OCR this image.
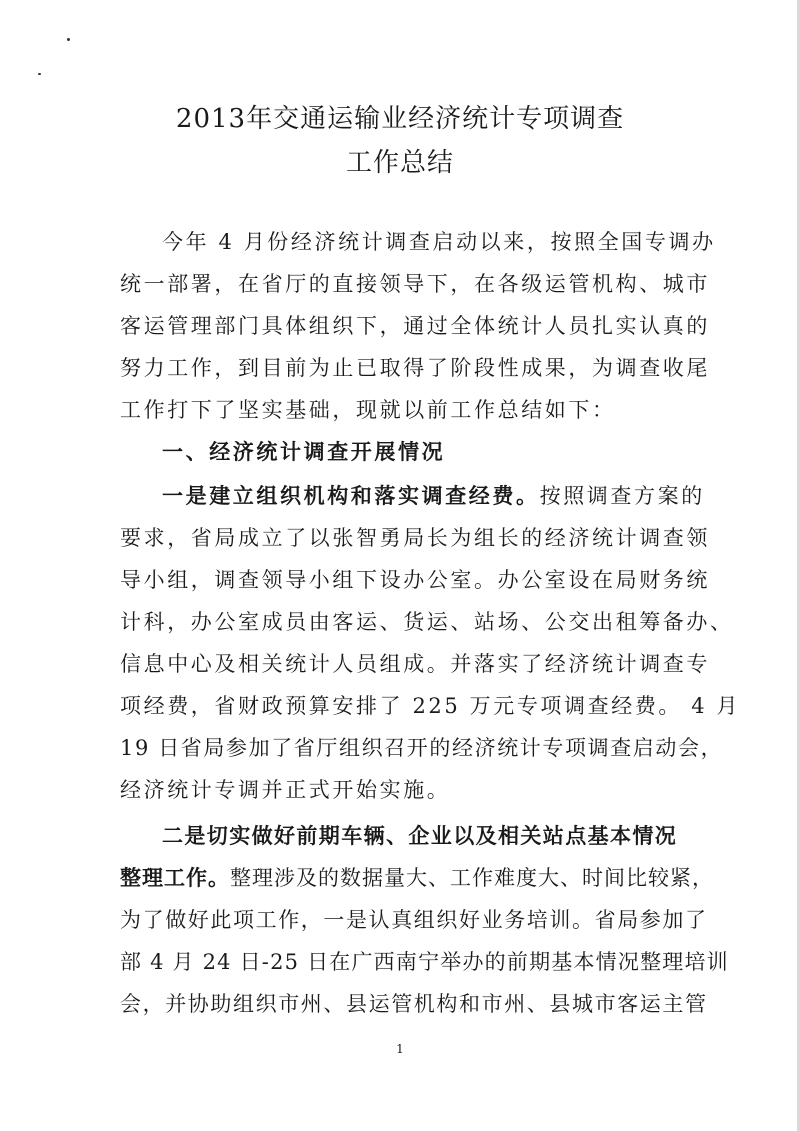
2013年交通运输业经济统计专项调查
工作总结
今年 4 月份经济统计调查启动以来，按照全国专调办
统一部署，在省厅的直接领导下，在各级运管机构、城市
客运管理部门具体组织下，通过全体统计人员扎实认真的
努力工作，到目前为止已取得了阶段性成果，为调查收尾
工作打下了坚实基础，现就以前工作总结如下：
一、经济统计调查开展情况
一是建立组织机构和落实调查经费。按照调查方案的
要求，省局成立了以张智勇局长为组长的经济统计调查领
导小组，调查领导小组下设办公室。办公室设在局财务统
计科，办公室成员由客运、货运、站场、公交出租筹备办、
信息中心及相关统计人员组成。并落实了经济统计调查专
项经费，省财政预算安排了 225 万元专项调查经费。 4 月
19 日省局参加了省厅组织召开的经济统计专项调查启动会，
经济统计专调并正式开始实施。
二是切实做好前期车辆、企业以及相关站点基本情况
整理工作。整理涉及的数据量大、工作难度大、时间比较紧，
为了做好此项工作，一是认真组织好业务培训。省局参加了
部 4 月 24 日-25 日在广西南宁举办的前期基本情况整理培训
会，并协助组织市州、县运管机构和市州、县城市客运主管
1
